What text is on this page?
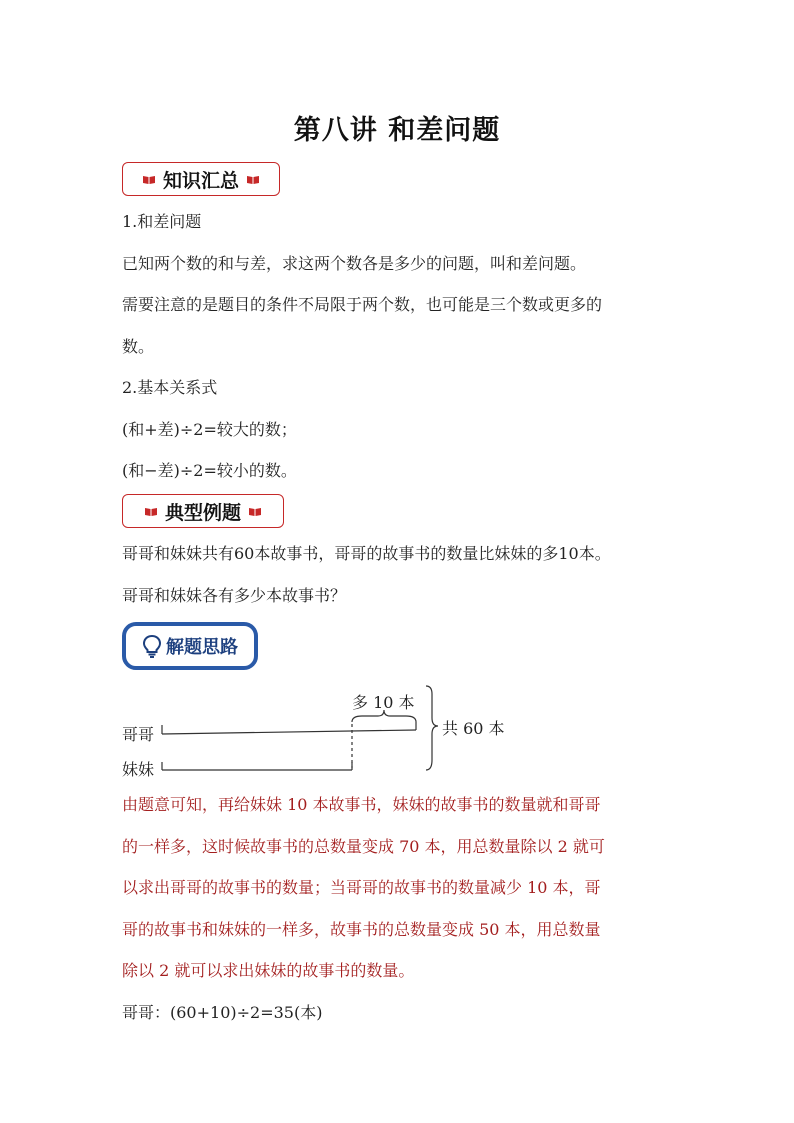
第八讲 和差问题
知识汇总
1.和差问题
已知两个数的和与差，求这两个数各是多少的问题，叫和差问题。
需要注意的是题目的条件不局限于两个数，也可能是三个数或更多的
数。
2.基本关系式
(和+差)÷2=较大的数；
(和−差)÷2=较小的数。
典型例题
哥哥和妹妹共有60本故事书，哥哥的故事书的数量比妹妹的多10本。
哥哥和妹妹各有多少本故事书？
解题思路
哥哥
妹妹
多 10 本
共 60 本
由题意可知，再给妹妹 10 本故事书，妹妹的故事书的数量就和哥哥
的一样多，这时候故事书的总数量变成 70 本，用总数量除以 2 就可
以求出哥哥的故事书的数量；当哥哥的故事书的数量减少 10 本，哥
哥的故事书和妹妹的一样多，故事书的总数量变成 50 本，用总数量
除以 2 就可以求出妹妹的故事书的数量。
哥哥：(60+10)÷2=35(本)
